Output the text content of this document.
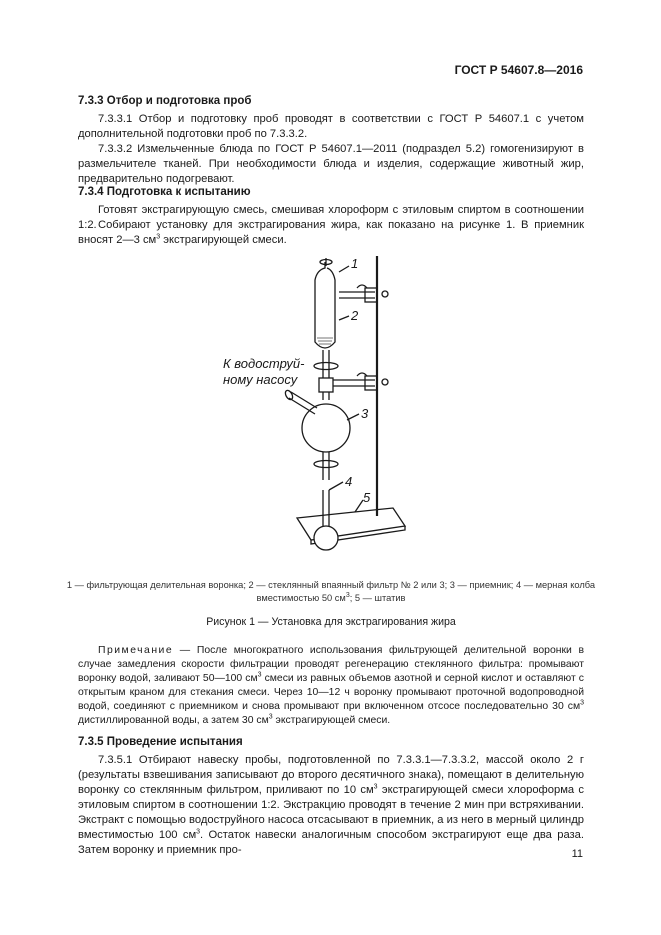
ГОСТ Р 54607.8—2016
7.3.3 Отбор и подготовка проб
7.3.3.1 Отбор и подготовку проб проводят в соответствии с ГОСТ Р 54607.1 с учетом дополнительной подготовки проб по 7.3.3.2.
7.3.3.2 Измельченные блюда по ГОСТ Р 54607.1—2011 (подраздел 5.2) гомогенизируют в размельчителе тканей. При необходимости блюда и изделия, содержащие животный жир, предварительно подогревают.
7.3.4 Подготовка к испытанию
Готовят экстрагирующую смесь, смешивая хлороформ с этиловым спиртом в соотношении 1:2. Собирают установку для экстрагирования жира, как показано на рисунке 1. В приемник вносят 2—3 $см^3$ экстрагирующей смеси.
1
2
3
4
5
К водоструй-
ному насосу
1 — фильтрующая делительная воронка; 2 — стеклянный впаянный фильтр № 2 или 3; 3 — приемник; 4 — мерная колба
вместимостью 50 $см^3$; 5 — штатив
Рисунок 1 — Установка для экстрагирования жира
Примечание — После многократного использования фильтрующей делительной воронки в случае замедления скорости фильтрации проводят регенерацию стеклянного фильтра: промывают воронку водой, заливают 50—100 $см^3$ смеси из равных объемов азотной и серной кислот и оставляют с открытым краном для стекания смеси. Через 10—12 ч воронку промывают проточной водопроводной водой, соединяют с приемником и снова промывают при включенном отсосе последовательно 30 $см^3$ дистиллированной воды, а затем 30 $см^3$ экстрагирующей смеси.
7.3.5 Проведение испытания
7.3.5.1 Отбирают навеску пробы, подготовленной по 7.3.3.1—7.3.3.2, массой около 2 г (результаты взвешивания записывают до второго десятичного знака), помещают в делительную воронку со стеклянным фильтром, приливают по 10 $см^3$ экстрагирующей смеси хлороформа с этиловым спиртом в соотношении 1:2. Экстракцию проводят в течение 2 мин при встряхивании. Экстракт с помощью водоструйного насоса отсасывают в приемник, а из него в мерный цилиндр вместимостью 100 $см^3$. Остаток навески аналогичным способом экстрагируют еще два раза. Затем воронку и приемник про-	11
